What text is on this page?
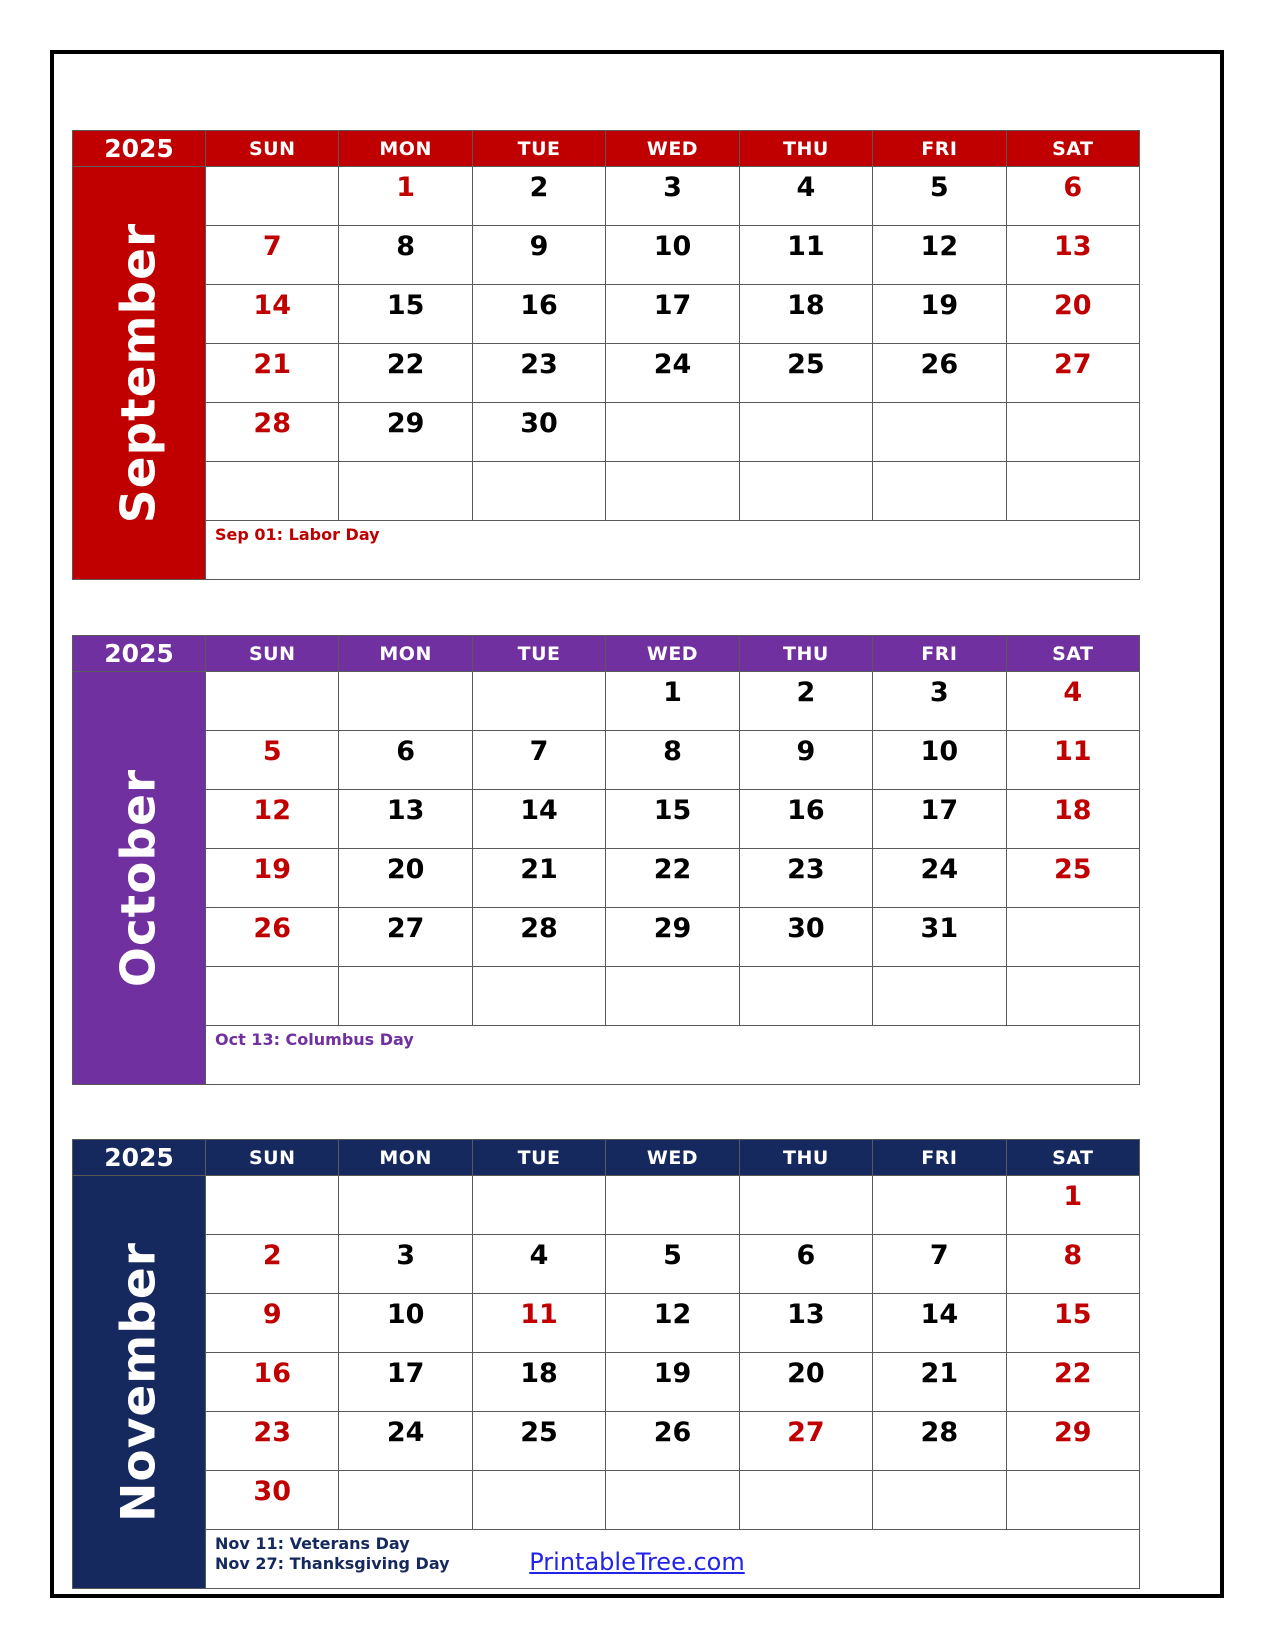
2025	SUN	MON	TUE	WED	THU	FRI	SAT

September		1	2	3	4	5	6
	7	8	9	10	11	12	13
	14	15	16	17	18	19	20
	21	22	23	24	25	26	27
	28	29	30				

	Sep 01: Labor Day						
2025	SUN	MON	TUE	WED	THU	FRI	SAT

October				1	2	3	4
	5	6	7	8	9	10	11
	12	13	14	15	16	17	18
	19	20	21	22	23	24	25
	26	27	28	29	30	31	

	Oct 13: Columbus Day						
2025	SUN	MON	TUE	WED	THU	FRI	SAT

November							1
	2	3	4	5	6	7	8
	9	10	11	12	13	14	15
	16	17	18	19	20	21	22
	23	24	25	26	27	28	29
	30						

	Nov 11: Veterans Day
Nov 27: Thanksgiving Day							PrintableTree.com
